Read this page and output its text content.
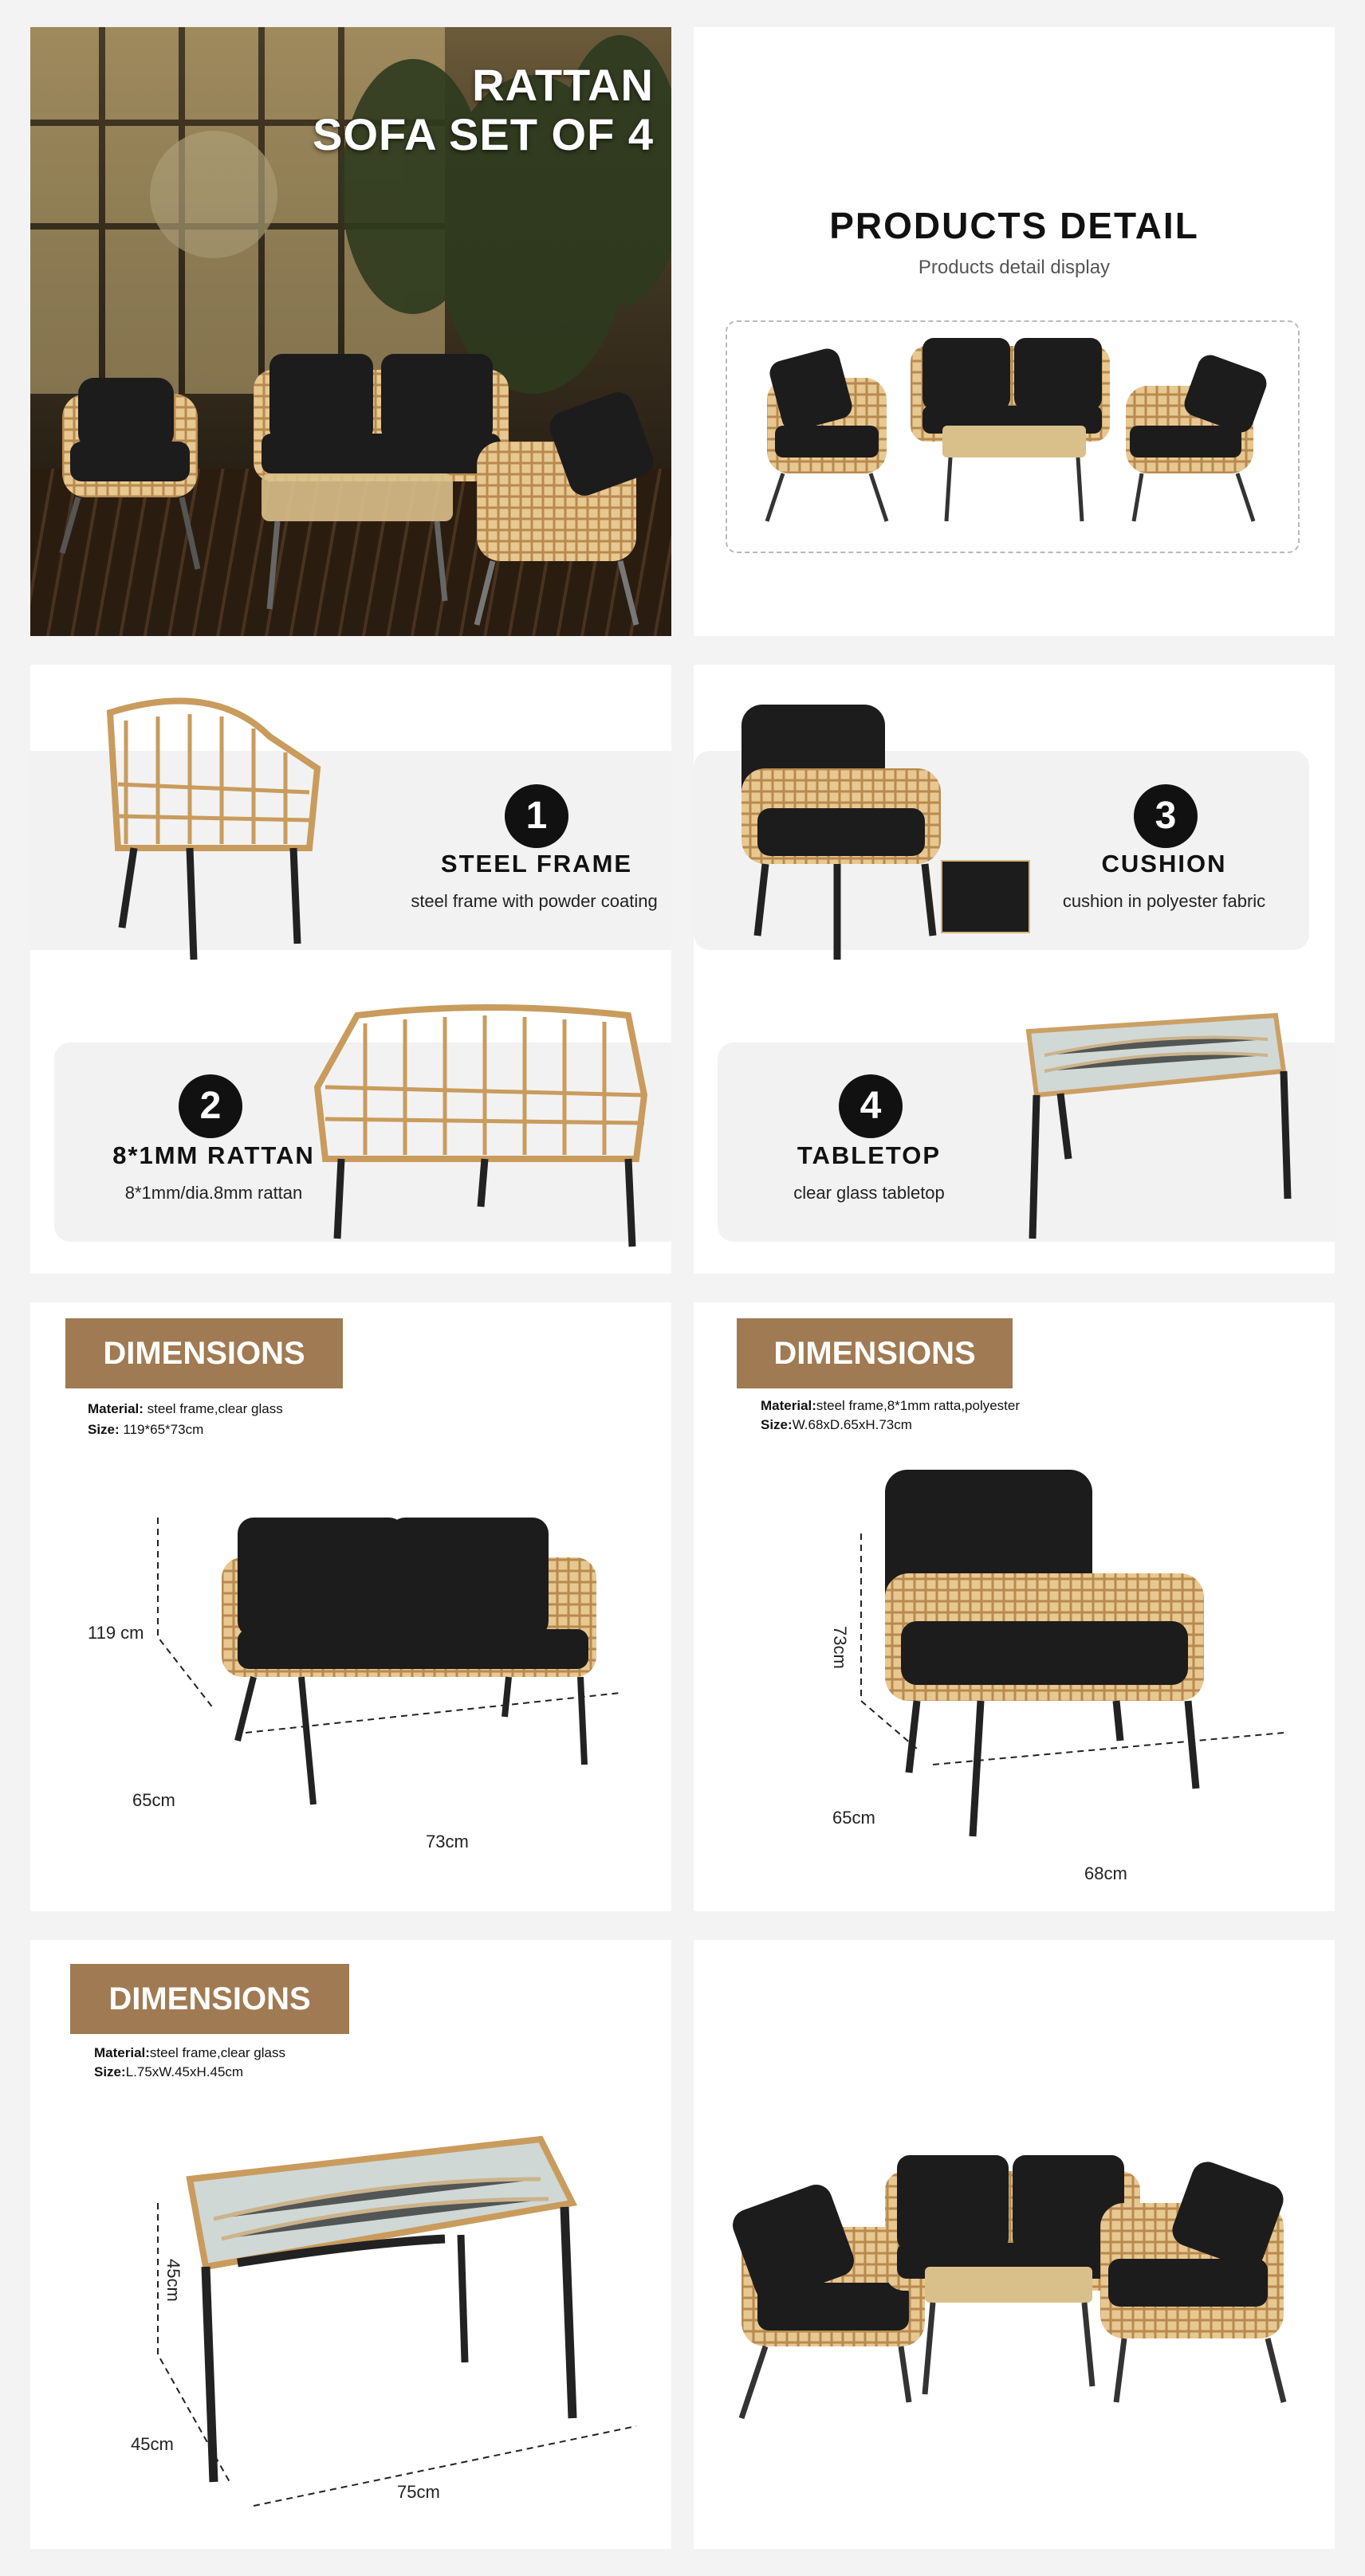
RATTAN
SOFA SET OF 4
PRODUCTS DETAIL
Products detail display
1
STEEL FRAME
steel frame with powder coating
2
8*1MM RATTAN
8*1mm/dia.8mm rattan
3
CUSHION
cushion in polyester fabric
4
TABLETOP
clear glass tabletop
DIMENSIONS
Material: steel frame,clear glass
Size: 119*65*73cm
119 cm
65cm
73cm
DIMENSIONS
Material:steel frame,8*1mm ratta,polyester
Size:W.68xD.65xH.73cm
73cm
65cm
68cm
DIMENSIONS
Material:steel frame,clear glass
Size:L.75xW.45xH.45cm
45cm
45cm
75cm
